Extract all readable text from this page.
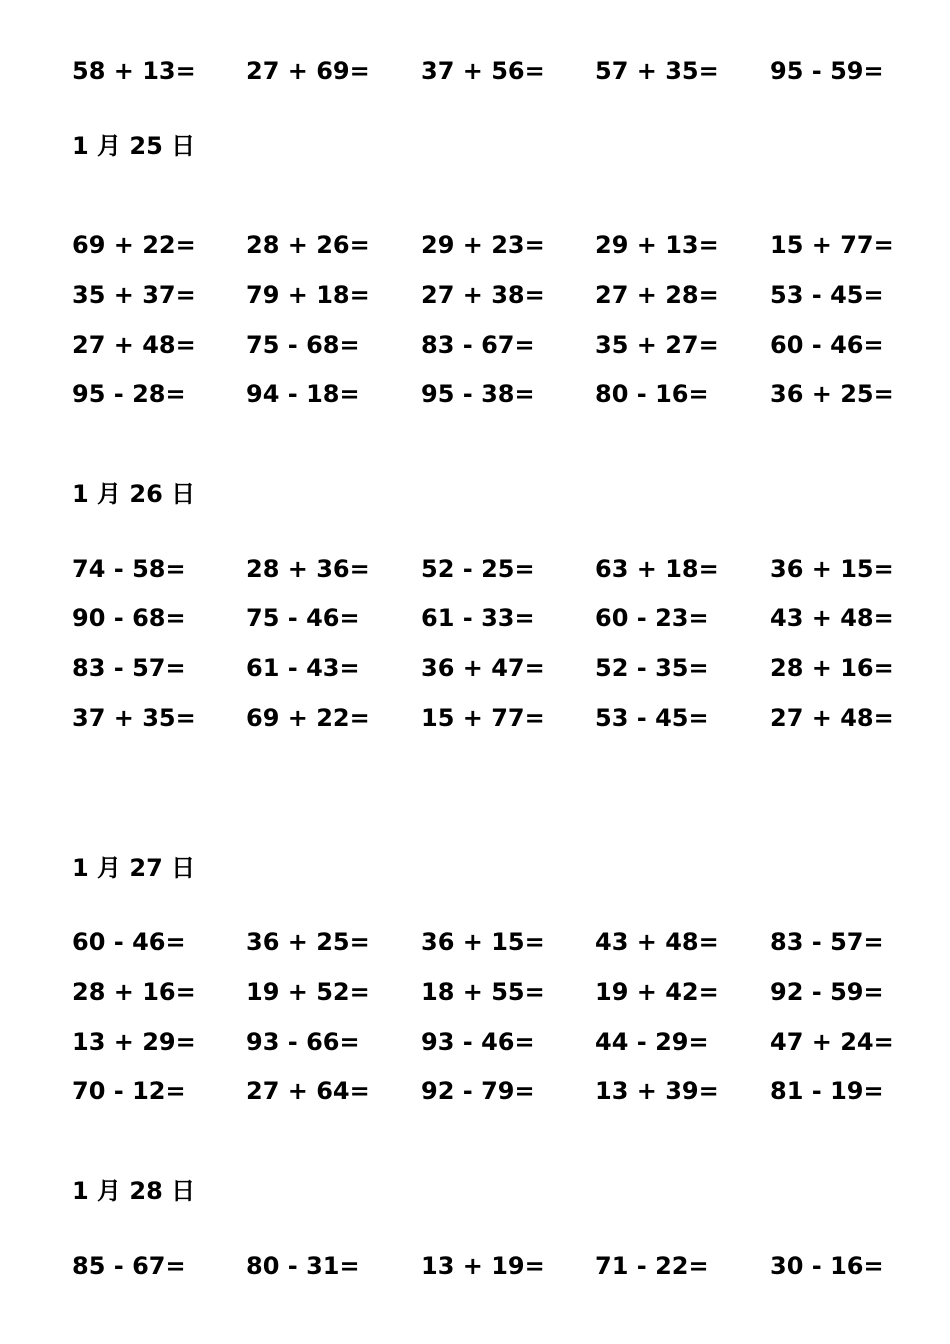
58 + 13= 27 + 69= 37 + 56= 57 + 35= 95 - 59=
1 月 25 日
69 + 22= 28 + 26= 29 + 23= 29 + 13= 15 + 77=
35 + 37= 79 + 18= 27 + 38= 27 + 28= 53 - 45=
27 + 48= 75 - 68=	83 - 67=	35 + 27= 60 - 46=
95 - 28=	94 - 18=	95 - 38=	80 - 16=	36 + 25=
1 月 26 日
74 - 58=	28 + 36= 52 - 25=	63 + 18= 36 + 15=
90 - 68=	75 - 46=	61 - 33=	60 - 23=	43 + 48=
83 - 57=	61 - 43=	36 + 47= 52 - 35=	28 + 16=
37 + 35= 69 + 22= 15 + 77= 53 - 45=	27 + 48=
1 月 27 日
60 - 46=	36 + 25= 36 + 15= 43 + 48= 83 - 57=
28 + 16= 19 + 52= 18 + 55= 19 + 42= 92 - 59=
13 + 29= 93 - 66=	93 - 46=	44 - 29=	47 + 24=
70 - 12=	27 + 64= 92 - 79=	13 + 39= 81 - 19=
1 月 28 日
85 - 67=	80 - 31=	13 + 19= 71 - 22=	30 - 16=
